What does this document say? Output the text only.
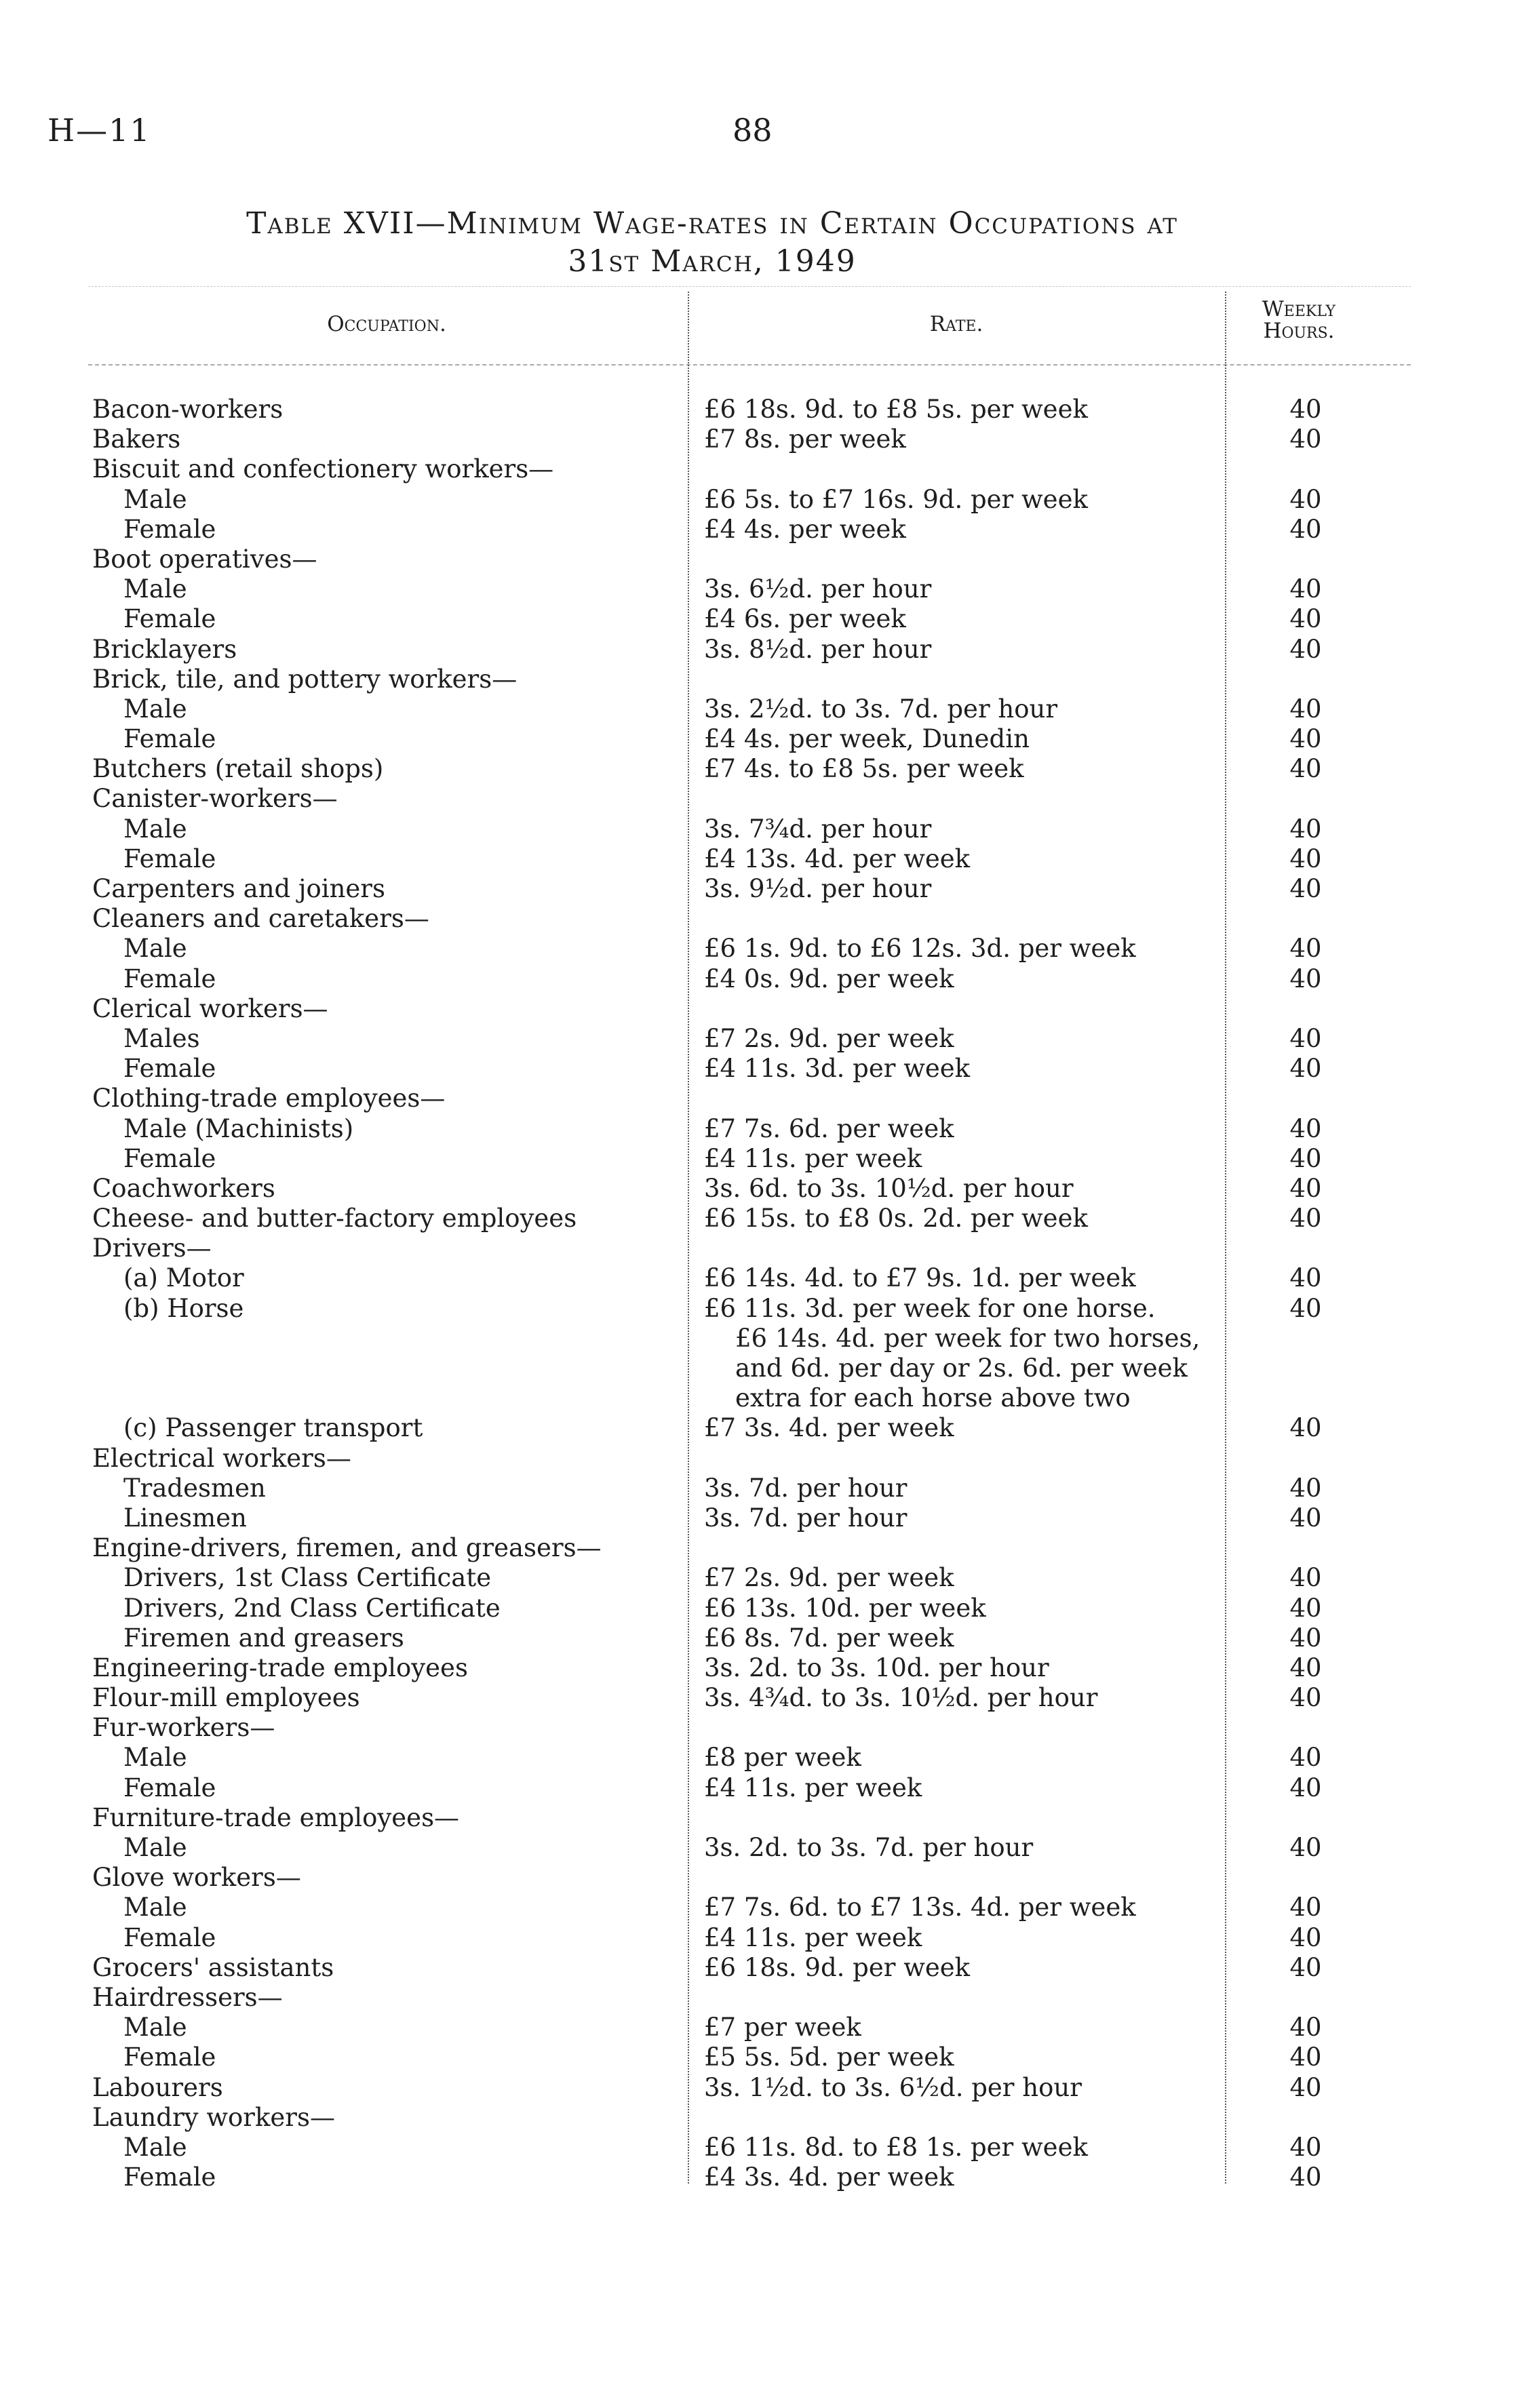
H—11	88
Table XVII—Minimum Wage-rates in Certain Occupations at
31st March, 1949
Occupation.	Rate.
Weekly Hours.
Bacon-workers	£6 18s. 9d. to £8 5s. per week	40
Bakers	£7 8s. per week	40
Biscuit and confectionery workers—
Male	£6 5s. to £7 16s. 9d. per week	40
Female	£4 4s. per week	40
Boot operatives—
Male	3s. 6½d. per hour	40
Female	£4 6s. per week	40
Bricklayers	3s. 8½d. per hour	40
Brick, tile, and pottery workers—
Male	3s. 2½d. to 3s. 7d. per hour	40
Female	£4 4s. per week, Dunedin	40
Butchers (retail shops)	£7 4s. to £8 5s. per week	40
Canister-workers—
Male	3s. 7¾d. per hour	40
Female	£4 13s. 4d. per week	40
Carpenters and joiners	3s. 9½d. per hour	40
Cleaners and caretakers—
Male	£6 1s. 9d. to £6 12s. 3d. per week	40
Female	£4 0s. 9d. per week	40
Clerical workers—
Males	£7 2s. 9d. per week	40
Female	£4 11s. 3d. per week	40
Clothing-trade employees—
Male (Machinists)	£7 7s. 6d. per week	40
Female	£4 11s. per week	40
Coachworkers	3s. 6d. to 3s. 10½d. per hour	40
Cheese- and butter-factory employees	£6 15s. to £8 0s. 2d. per week	40
Drivers—
(a) Motor	£6 14s. 4d. to £7 9s. 1d. per week	40
(b) Horse	£6 11s. 3d. per week for one horse.	40
£6 14s. 4d. per week for two horses,
and 6d. per day or 2s. 6d. per week
extra for each horse above two
(c) Passenger transport	£7 3s. 4d. per week	40
Electrical workers—
Tradesmen	3s. 7d. per hour	40
Linesmen	3s. 7d. per hour	40
Engine-drivers, firemen, and greasers—
Drivers, 1st Class Certificate	£7 2s. 9d. per week	40
Drivers, 2nd Class Certificate	£6 13s. 10d. per week	40
Firemen and greasers	£6 8s. 7d. per week	40
Engineering-trade employees	3s. 2d. to 3s. 10d. per hour	40
Flour-mill employees	3s. 4¾d. to 3s. 10½d. per hour	40
Fur-workers—
Male	£8 per week	40
Female	£4 11s. per week	40
Furniture-trade employees—
Male	3s. 2d. to 3s. 7d. per hour	40
Glove workers—
Male	£7 7s. 6d. to £7 13s. 4d. per week	40
Female	£4 11s. per week	40
Grocers' assistants	£6 18s. 9d. per week	40
Hairdressers—
Male	£7 per week	40
Female	£5 5s. 5d. per week	40
Labourers	3s. 1½d. to 3s. 6½d. per hour	40
Laundry workers—
Male	£6 11s. 8d. to £8 1s. per week	40
Female	£4 3s. 4d. per week	40
